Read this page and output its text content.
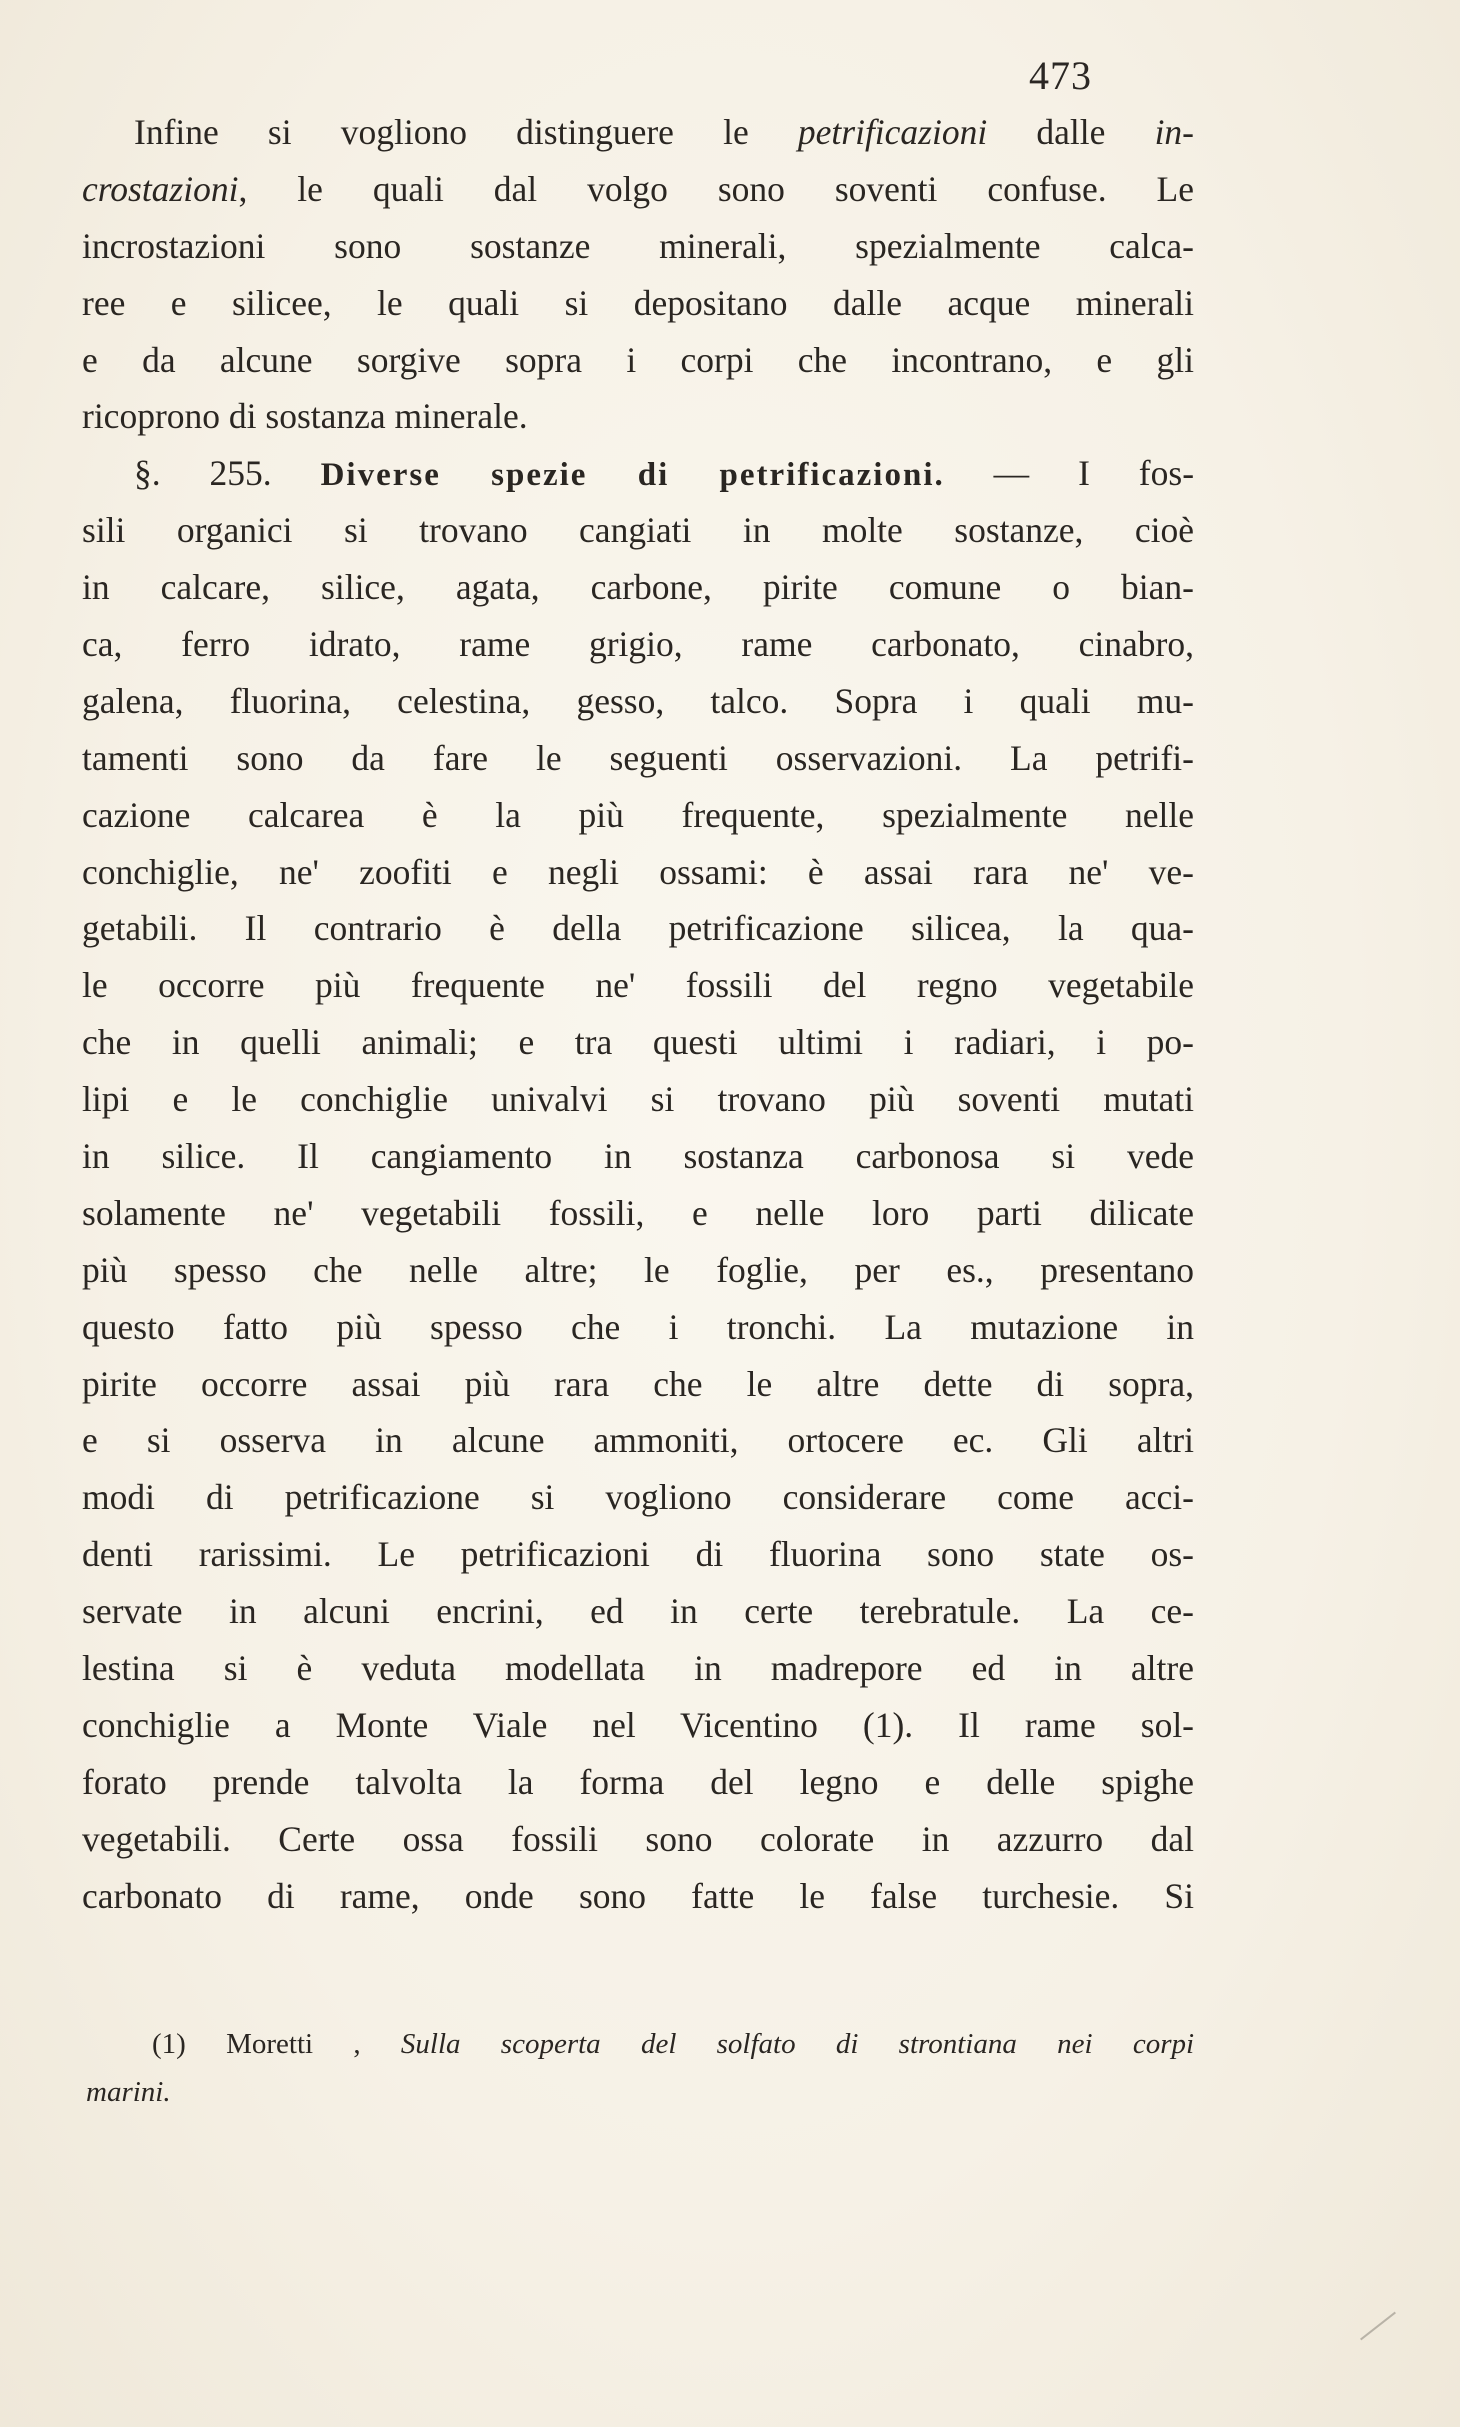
473
Infine si vogliono distinguere le petrificazioni dalle in-
crostazioni, le quali dal volgo sono soventi confuse. Le
incrostazioni sono sostanze minerali, spezialmente calca-
ree e silicee, le quali si depositano dalle acque minerali
e da alcune sorgive sopra i corpi che incontrano, e gli
ricoprono di sostanza minerale.
§. 255. Diverse spezie di petrificazioni. — I fos-
sili organici si trovano cangiati in molte sostanze, cioè
in calcare, silice, agata, carbone, pirite comune o bian-
ca, ferro idrato, rame grigio, rame carbonato, cinabro,
galena, fluorina, celestina, gesso, talco. Sopra i quali mu-
tamenti sono da fare le seguenti osservazioni. La petrifi-
cazione calcarea è la più frequente, spezialmente nelle
conchiglie, ne' zoofiti e negli ossami: è assai rara ne' ve-
getabili. Il contrario è della petrificazione silicea, la qua-
le occorre più frequente ne' fossili del regno vegetabile
che in quelli animali; e tra questi ultimi i radiari, i po-
lipi e le conchiglie univalvi si trovano più soventi mutati
in silice. Il cangiamento in sostanza carbonosa si vede
solamente ne' vegetabili fossili, e nelle loro parti dilicate
più spesso che nelle altre; le foglie, per es., presentano
questo fatto più spesso che i tronchi. La mutazione in
pirite occorre assai più rara che le altre dette di sopra,
e si osserva in alcune ammoniti, ortocere ec. Gli altri
modi di petrificazione si vogliono considerare come acci-
denti rarissimi. Le petrificazioni di fluorina sono state os-
servate in alcuni encrini, ed in certe terebratule. La ce-
lestina si è veduta modellata in madrepore ed in altre
conchiglie a Monte Viale nel Vicentino (1). Il rame sol-
forato prende talvolta la forma del legno e delle spighe
vegetabili. Certe ossa fossili sono colorate in azzurro dal
carbonato di rame, onde sono fatte le false turchesie. Si
(1) Moretti , Sulla scoperta del solfato di strontiana nei corpi
marini.
